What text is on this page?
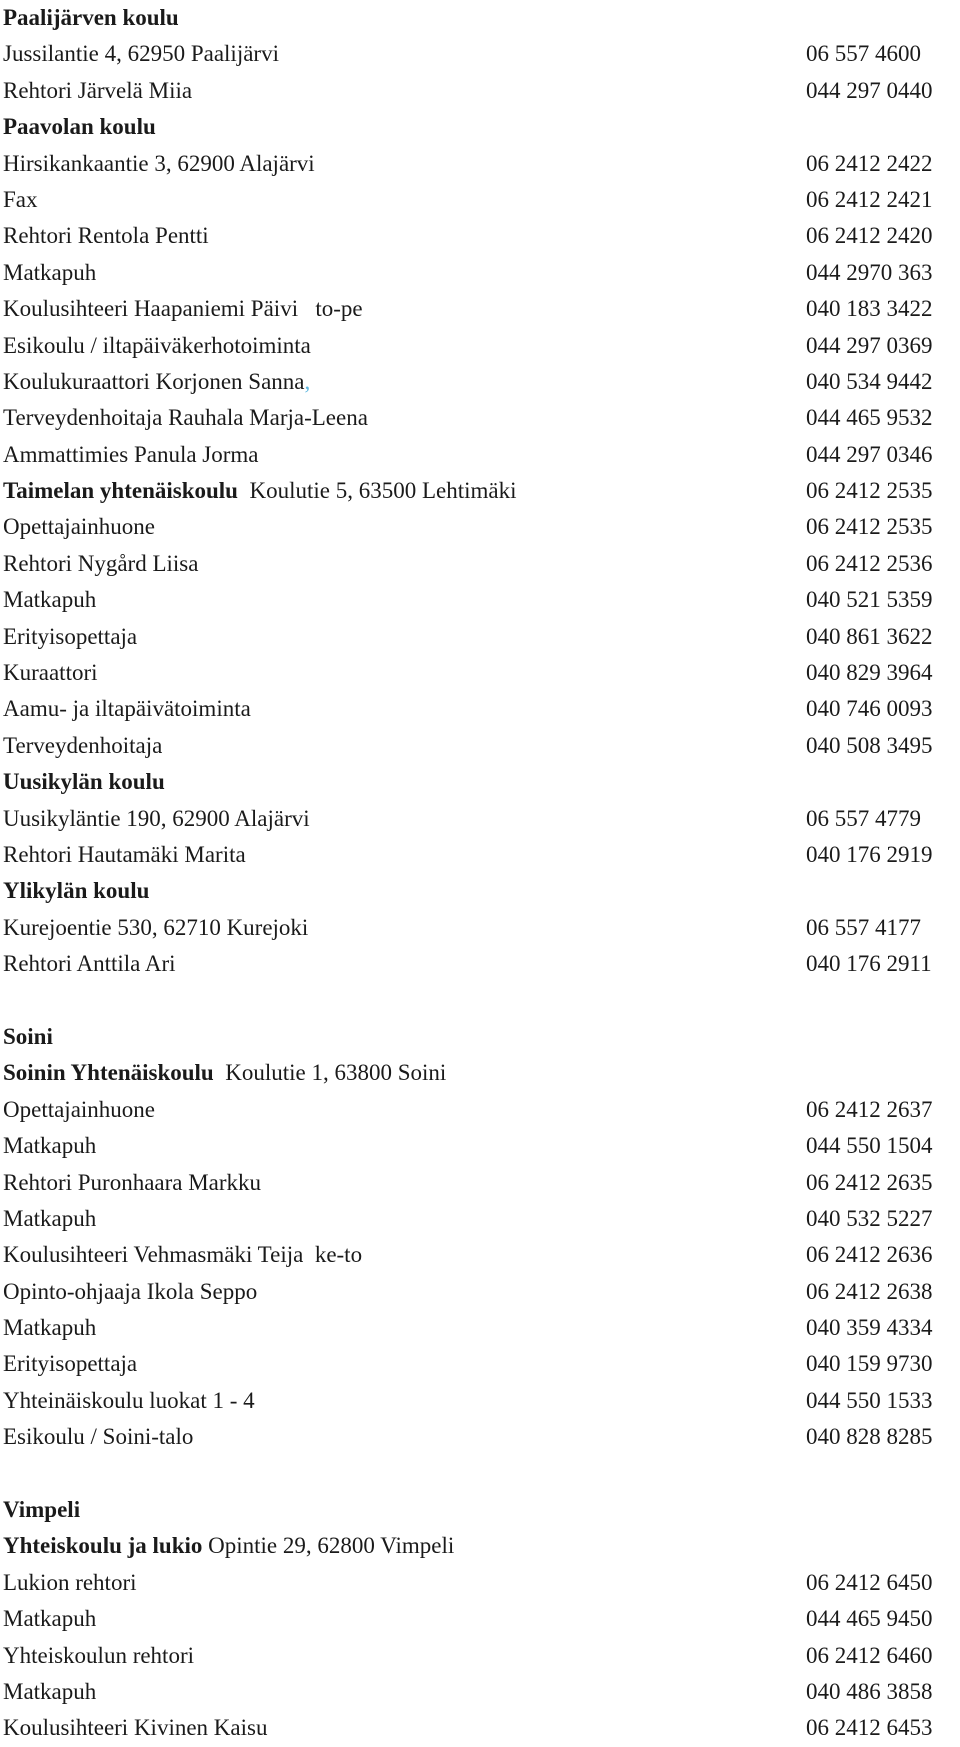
Paalijärven koulu
Jussilantie 4, 62950 Paalijärvi	06 557 4600
Rehtori Järvelä Miia	044 297 0440
Paavolan koulu
Hirsikankaantie 3, 62900 Alajärvi	06 2412 2422
Fax	06 2412 2421
Rehtori Rentola Pentti	06 2412 2420
Matkapuh	044 2970 363
Koulusihteeri Haapaniemi Päivi   to-pe	040 183 3422
Esikoulu / iltapäiväkerhotoiminta	044 297 0369
Koulukuraattori Korjonen Sanna,	040 534 9442
Terveydenhoitaja Rauhala Marja-Leena	044 465 9532
Ammattimies Panula Jorma	044 297 0346
Taimelan yhtenäiskoulu  Koulutie 5, 63500 Lehtimäki	06 2412 2535
Opettajainhuone	06 2412 2535
Rehtori Nygård Liisa	06 2412 2536
Matkapuh	040 521 5359
Erityisopettaja	040 861 3622
Kuraattori	040 829 3964
Aamu- ja iltapäivätoiminta	040 746 0093
Terveydenhoitaja	040 508 3495
Uusikylän koulu
Uusikyläntie 190, 62900 Alajärvi	06 557 4779
Rehtori Hautamäki Marita	040 176 2919
Ylikylän koulu
Kurejoentie 530, 62710 Kurejoki	06 557 4177
Rehtori Anttila Ari	040 176 2911
Soini
Soinin Yhtenäiskoulu  Koulutie 1, 63800 Soini
Opettajainhuone	06 2412 2637
Matkapuh	044 550 1504
Rehtori Puronhaara Markku	06 2412 2635
Matkapuh	040 532 5227
Koulusihteeri Vehmasmäki Teija  ke-to	06 2412 2636
Opinto-ohjaaja Ikola Seppo	06 2412 2638
Matkapuh	040 359 4334
Erityisopettaja	040 159 9730
Yhteinäiskoulu luokat 1 - 4	044 550 1533
Esikoulu / Soini-talo	040 828 8285
Vimpeli
Yhteiskoulu ja lukio Opintie 29, 62800 Vimpeli
Lukion rehtori	06 2412 6450
Matkapuh	044 465 9450
Yhteiskoulun rehtori	06 2412 6460
Matkapuh	040 486 3858
Koulusihteeri Kivinen Kaisu	06 2412 6453
